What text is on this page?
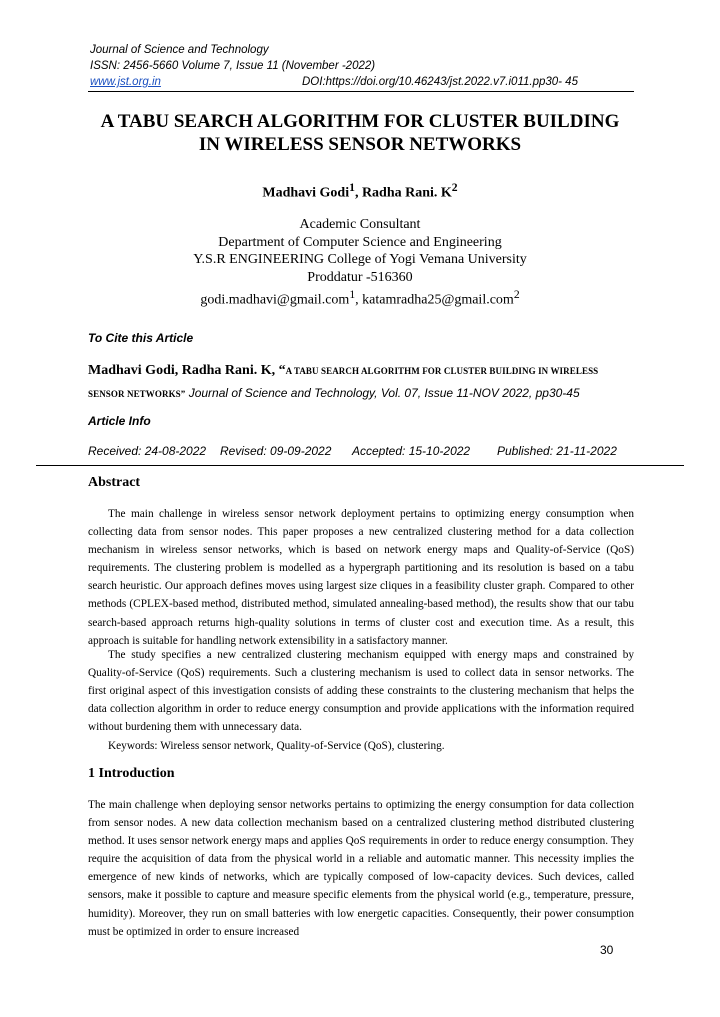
Journal of Science and Technology
ISSN: 2456-5660 Volume 7, Issue 11 (November -2022)
www.jst.org.in	DOI:https://doi.org/10.46243/jst.2022.v7.i011.pp30- 45
A TABU SEARCH ALGORITHM FOR CLUSTER BUILDING
IN WIRELESS SENSOR NETWORKS
Madhavi Godi$^1$, Radha Rani. $K^2$
Academic Consultant
Department of Computer Science and Engineering
Y.S.R ENGINEERING College of Yogi Vemana University
Proddatur -516360
godi.madhavi@gmail.com$^1$, katamradha25@gmail.com$^2$
To Cite this Article
Madhavi Godi, Radha Rani. K, “A TABU SEARCH ALGORITHM FOR CLUSTER BUILDING IN WIRELESS
SENSOR NETWORKS” Journal of Science and Technology, Vol. 07, Issue 11-NOV 2022, pp30-45
Article Info
Received: 24-08-2022 Revised: 09-09-2022 Accepted: 15-10-2022 Published: 21-11-2022
Abstract
The main challenge in wireless sensor network deployment pertains to optimizing energy consumption when collecting data from sensor nodes. This paper proposes a new centralized clustering method for a data collection mechanism in wireless sensor networks, which is based on network energy maps and Quality-of-Service (QoS) requirements. The clustering problem is modelled as a hypergraph partitioning and its resolution is based on a tabu search heuristic. Our approach defines moves using largest size cliques in a feasibility cluster graph. Compared to other methods (CPLEX-based method, distributed method, simulated annealing-based method), the results show that our tabu search-based approach returns high-quality solutions in terms of cluster cost and execution time. As a result, this approach is suitable for handling network extensibility in a satisfactory manner.
The study specifies a new centralized clustering mechanism equipped with energy maps and constrained by Quality-of-Service (QoS) requirements. Such a clustering mechanism is used to collect data in sensor networks. The first original aspect of this investigation consists of adding these constraints to the clustering mechanism that helps the data collection algorithm in order to reduce energy consumption and provide applications with the information required without burdening them with unnecessary data.
Keywords: Wireless sensor network, Quality-of-Service (QoS), clustering.
1 Introduction
The main challenge when deploying sensor networks pertains to optimizing the energy consumption for data collection from sensor nodes. A new data collection mechanism based on a centralized clustering method distributed clustering method. It uses sensor network energy maps and applies QoS requirements in order to reduce energy consumption. They require the acquisition of data from the physical world in a reliable and automatic manner. This necessity implies the emergence of new kinds of networks, which are typically composed of low-capacity devices. Such devices, called sensors, make it possible to capture and measure specific elements from the physical world (e.g., temperature, pressure, humidity). Moreover, they run on small batteries with low energetic capacities. Consequently, their power consumption must be optimized in order to ensure increased
30
